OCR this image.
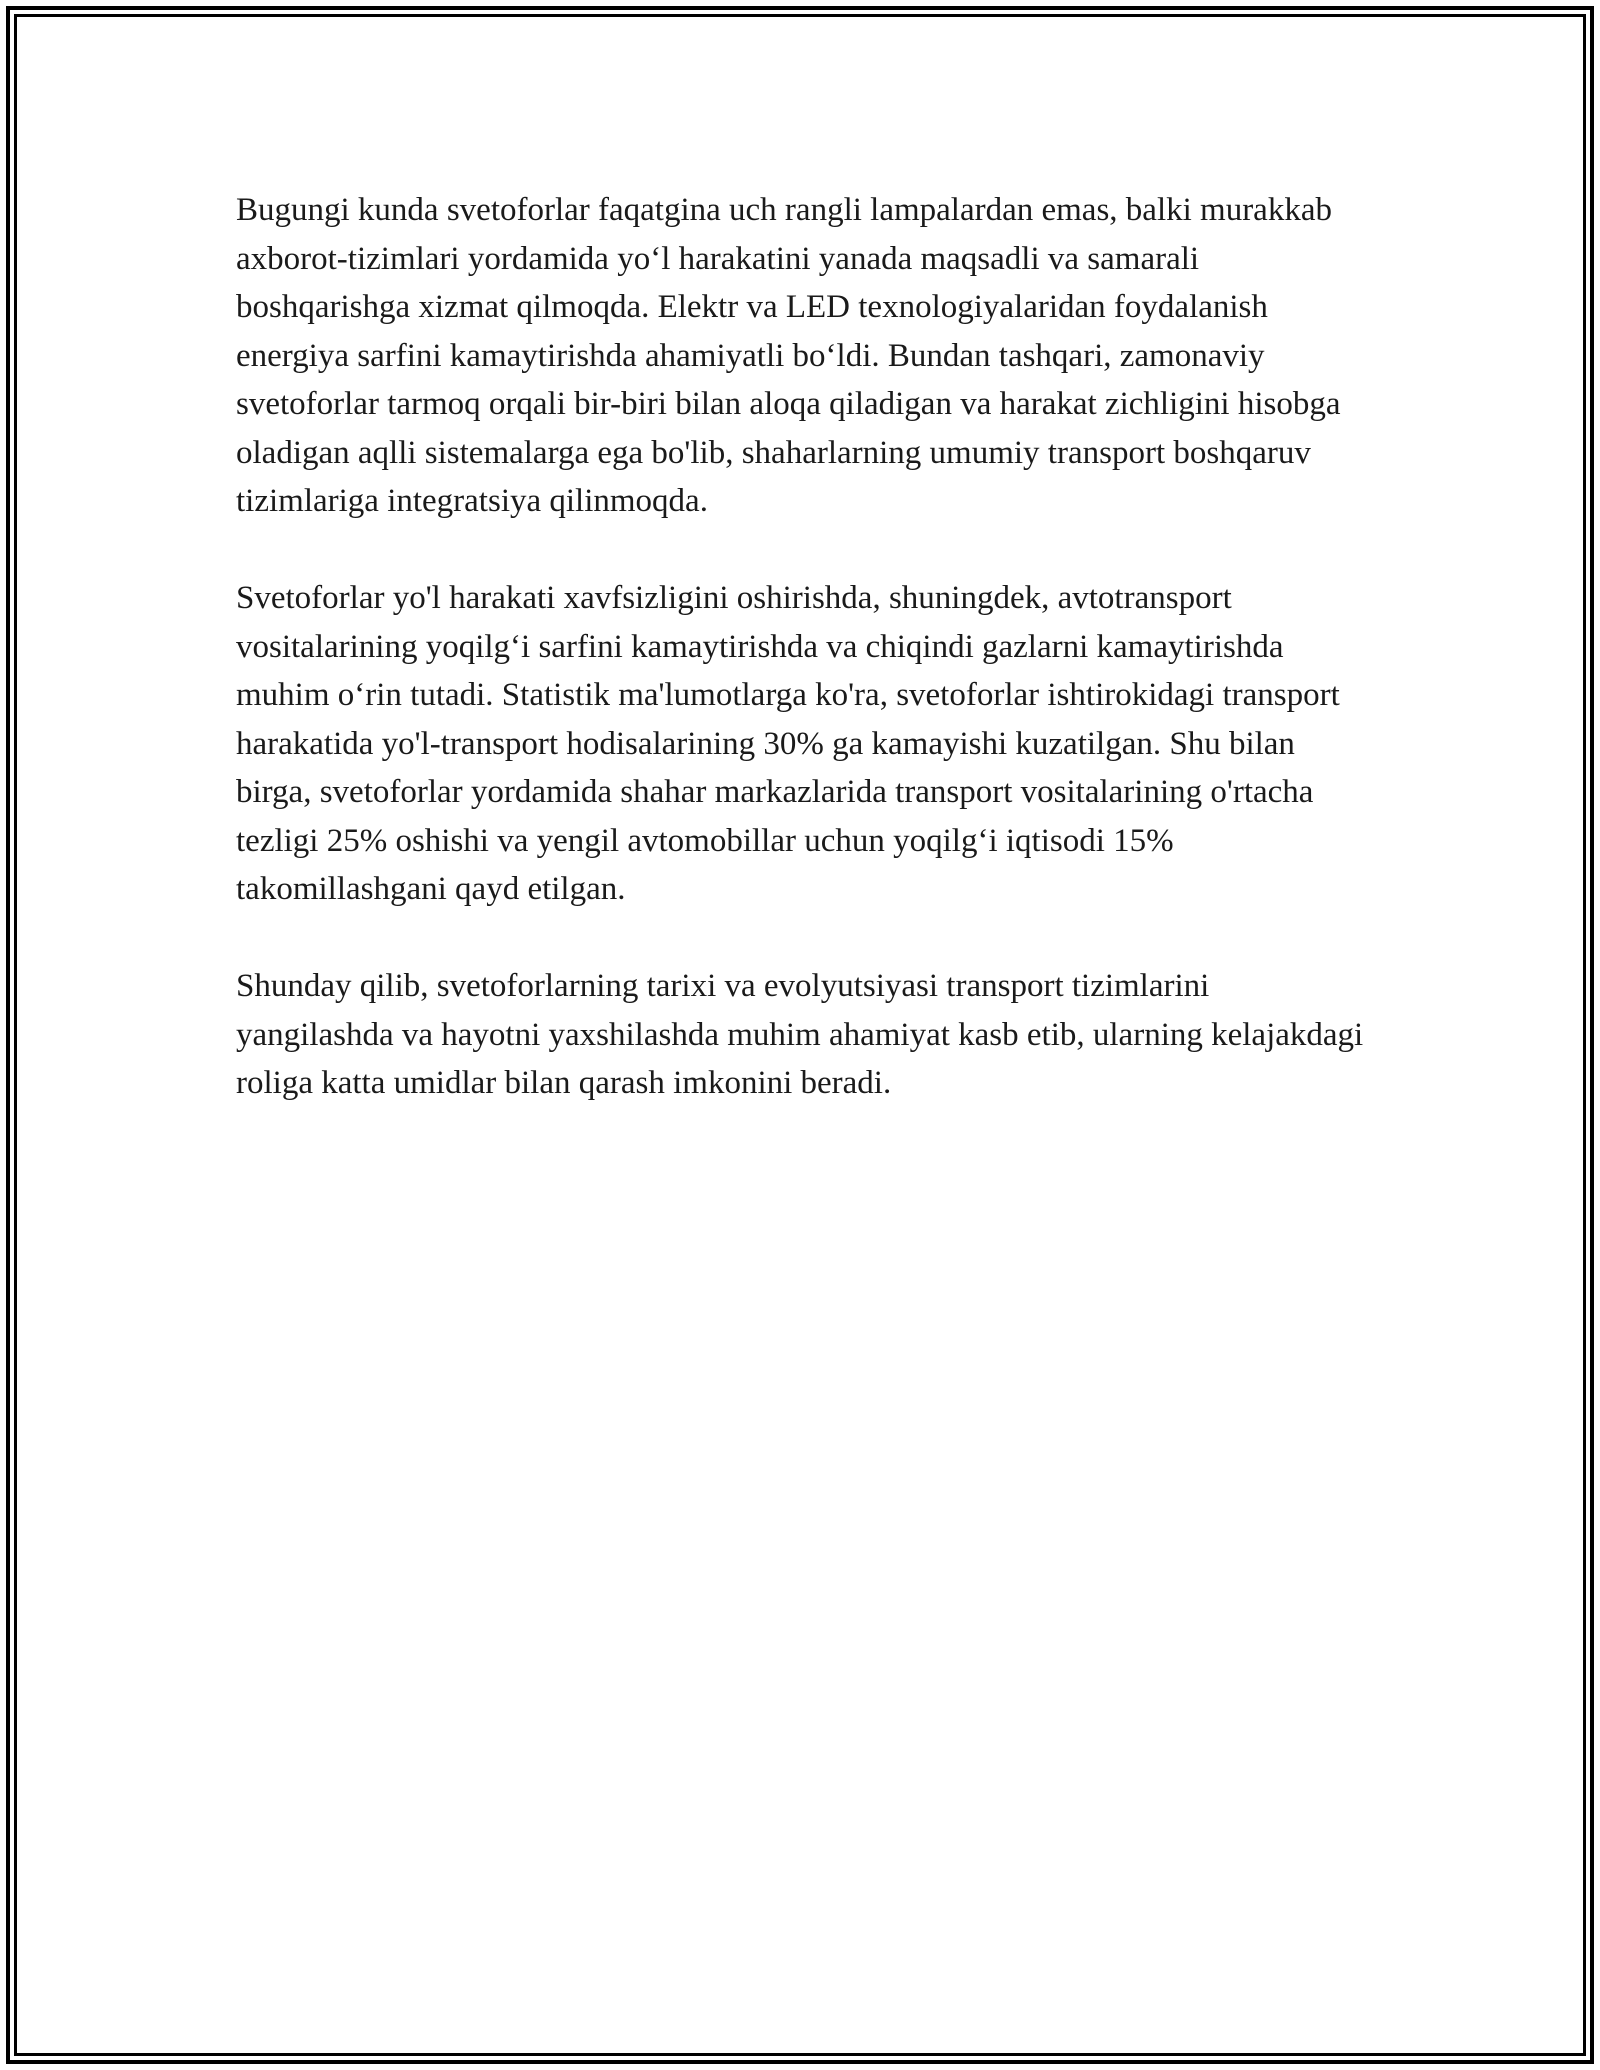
Bugungi kunda svetoforlar faqatgina uch rangli lampalardan emas, balki murakkab axborot-tizimlari yordamida yo‘l harakatini yanada maqsadli va samarali boshqarishga xizmat qilmoqda. Elektr va LED texnologiyalaridan foydalanish energiya sarfini kamaytirishda ahamiyatli bo‘ldi. Bundan tashqari, zamonaviy svetoforlar tarmoq orqali bir-biri bilan aloqa qiladigan va harakat zichligini hisobga oladigan aqlli sistemalarga ega bo'lib, shaharlarning umumiy transport boshqaruv tizimlariga integratsiya qilinmoqda.

Svetoforlar yo'l harakati xavfsizligini oshirishda, shuningdek, avtotransport vositalarining yoqilg‘i sarfini kamaytirishda va chiqindi gazlarni kamaytirishda muhim o‘rin tutadi. Statistik ma'lumotlarga ko'ra, svetoforlar ishtirokidagi transport harakatida yo'l-transport hodisalarining 30% ga kamayishi kuzatilgan. Shu bilan birga, svetoforlar yordamida shahar markazlarida transport vositalarining o'rtacha tezligi 25% oshishi va yengil avtomobillar uchun yoqilg‘i iqtisodi 15% takomillashgani qayd etilgan.

Shunday qilib, svetoforlarning tarixi va evolyutsiyasi transport tizimlarini yangilashda va hayotni yaxshilashda muhim ahamiyat kasb etib, ularning kelajakdagi roliga katta umidlar bilan qarash imkonini beradi.
